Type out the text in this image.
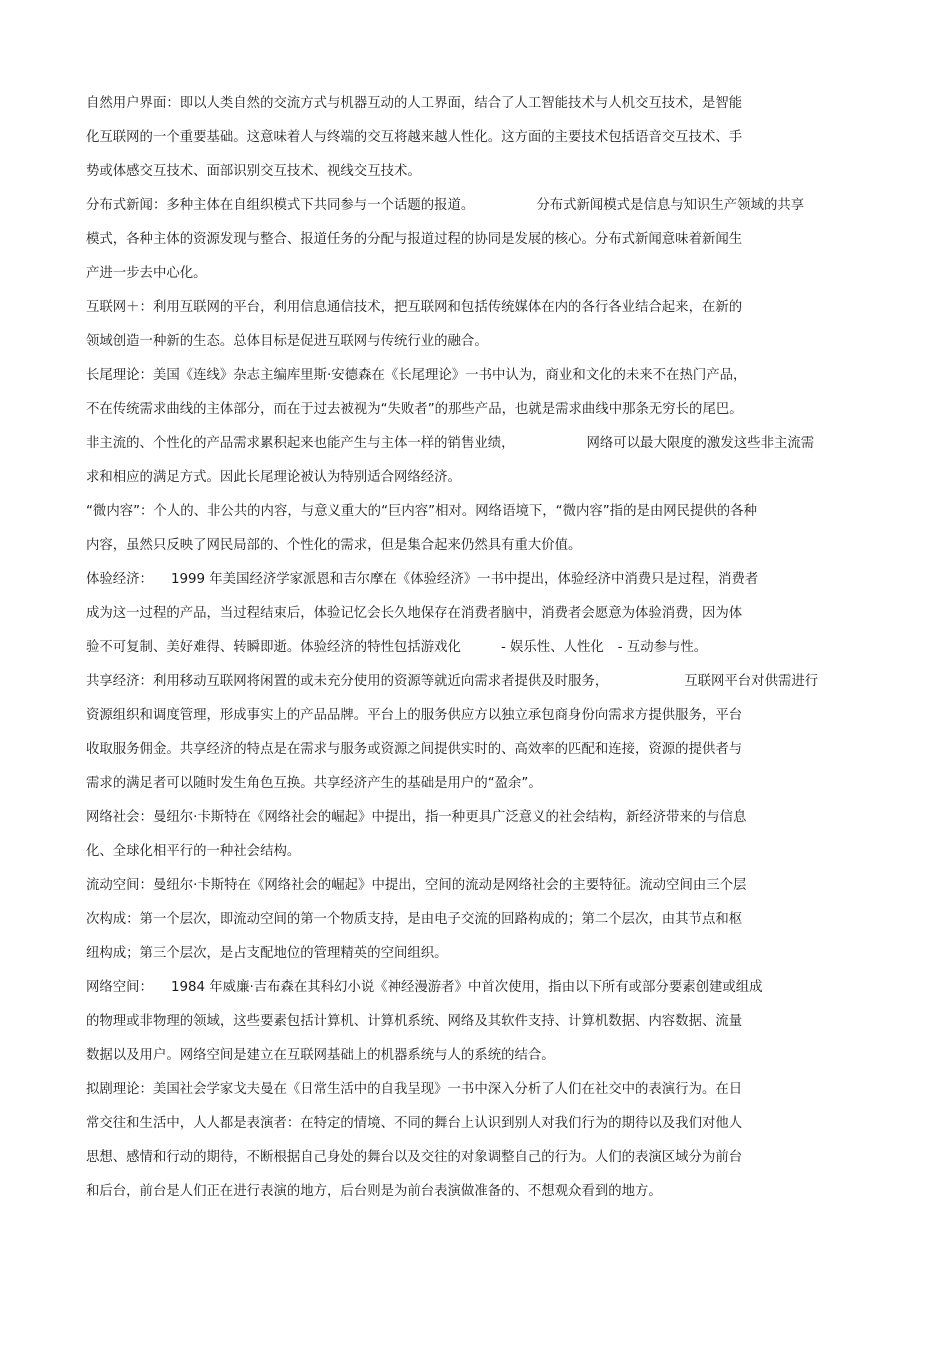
自然用户界面：即以人类自然的交流方式与机器互动的人工界面，结合了人工智能技术与人机交互技术，是智能
化互联网的一个重要基础。这意味着人与终端的交互将越来越人性化。这方面的主要技术包括语音交互技术、手
势或体感交互技术、面部识别交互技术、视线交互技术。
分布式新闻：多种主体在自组织模式下共同参与一个话题的报道。	分布式新闻模式是信息与知识生产领域的共享
模式，各种主体的资源发现与整合、报道任务的分配与报道过程的协同是发展的核心。分布式新闻意味着新闻生
产进一步去中心化。
互联网＋：利用互联网的平台，利用信息通信技术，把互联网和包括传统媒体在内的各行各业结合起来，在新的
领域创造一种新的生态。总体目标是促进互联网与传统行业的融合。
长尾理论：美国《连线》杂志主编库里斯·安德森在《长尾理论》一书中认为，商业和文化的未来不在热门产品，
不在传统需求曲线的主体部分，而在于过去被视为“失败者”的那些产品，也就是需求曲线中那条无穷长的尾巴。
非主流的、个性化的产品需求累积起来也能产生与主体一样的销售业绩，	网络可以最大限度的激发这些非主流需
求和相应的满足方式。因此长尾理论被认为特别适合网络经济。
“微内容”：个人的、非公共的内容，与意义重大的“巨内容”相对。网络语境下，“微内容”指的是由网民提供的各种
内容，虽然只反映了网民局部的、个性化的需求，但是集合起来仍然具有重大价值。
体验经济： 1999 年美国经济学家派恩和吉尔摩在《体验经济》一书中提出，体验经济中消费只是过程，消费者
成为这一过程的产品，当过程结束后，体验记忆会长久地保存在消费者脑中，消费者会愿意为体验消费，因为体
验不可复制、美好难得、转瞬即逝。体验经济的特性包括游戏化	- 娱乐性、人性化 - 互动参与性。
共享经济：利用移动互联网将闲置的或未充分使用的资源等就近向需求者提供及时服务，	互联网平台对供需进行
资源组织和调度管理，形成事实上的产品品牌。平台上的服务供应方以独立承包商身份向需求方提供服务，平台
收取服务佣金。共享经济的特点是在需求与服务或资源之间提供实时的、高效率的匹配和连接，资源的提供者与
需求的满足者可以随时发生角色互换。共享经济产生的基础是用户的“盈余”。
网络社会：曼纽尔·卡斯特在《网络社会的崛起》中提出，指一种更具广泛意义的社会结构，新经济带来的与信息
化、全球化相平行的一种社会结构。
流动空间：曼纽尔·卡斯特在《网络社会的崛起》中提出，空间的流动是网络社会的主要特征。流动空间由三个层
次构成：第一个层次，即流动空间的第一个物质支持，是由电子交流的回路构成的；第二个层次，由其节点和枢
纽构成；第三个层次，是占支配地位的管理精英的空间组织。
网络空间： 1984 年威廉·吉布森在其科幻小说《神经漫游者》中首次使用，指由以下所有或部分要素创建或组成
的物理或非物理的领域，这些要素包括计算机、计算机系统、网络及其软件支持、计算机数据、内容数据、流量
数据以及用户。网络空间是建立在互联网基础上的机器系统与人的系统的结合。
拟剧理论：美国社会学家戈夫曼在《日常生活中的自我呈现》一书中深入分析了人们在社交中的表演行为。在日
常交往和生活中，人人都是表演者：在特定的情境、不同的舞台上认识到别人对我们行为的期待以及我们对他人
思想、感情和行动的期待，不断根据自己身处的舞台以及交往的对象调整自己的行为。人们的表演区域分为前台
和后台，前台是人们正在进行表演的地方，后台则是为前台表演做准备的、不想观众看到的地方。
